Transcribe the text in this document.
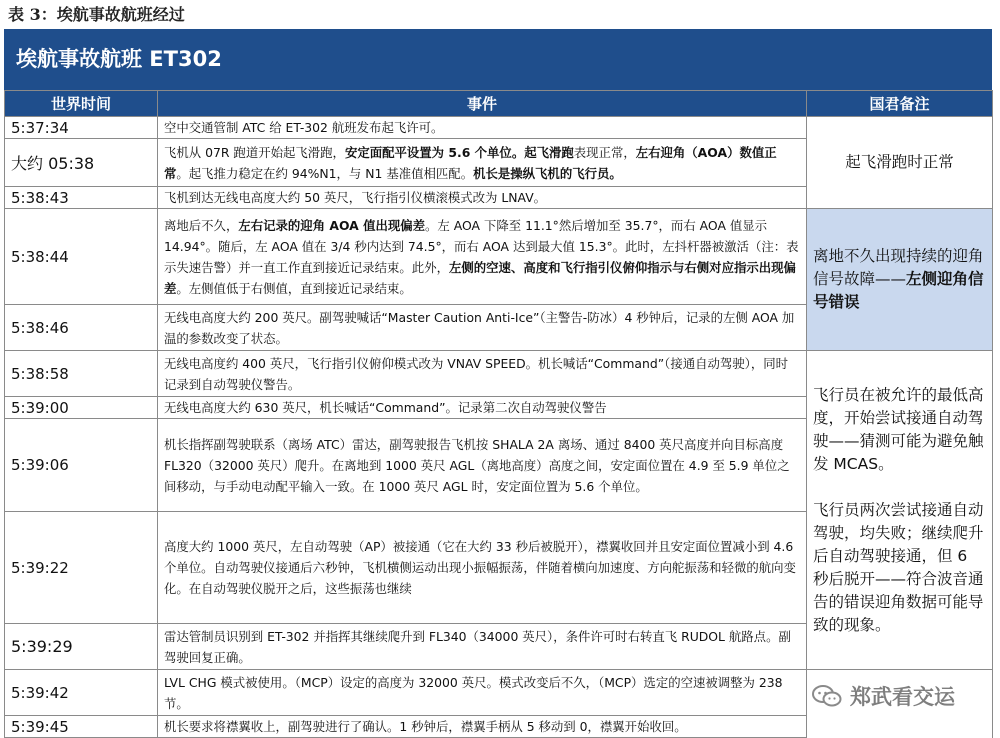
表 3：埃航事故航班经过
埃航事故航班 ET302
世界时间	事件	国君备注	
5:37:34	空中交通管制 ATC 给 ET-302 航班发布起飞许可。	起飞滑跑时正常	
大约 05:38	飞机从 07R 跑道开始起飞滑跑，安定面配平设置为 5.6 个单位。起飞滑跑表现正常，左右迎角（AOA）数值正常。起飞推力稳定在约 94%N1，与 N1 基准值相匹配。机长是操纵飞机的飞行员。		
5:38:43	飞机到达无线电高度大约 50 英尺，飞行指引仪横滚模式改为 LNAV。		
5:38:44	离地后不久，左右记录的迎角 AOA 值出现偏差。左 AOA 下降至 11.1°然后增加至 35.7°，而右 AOA 值显示 14.94°。随后，左 AOA 值在 3/4 秒内达到 74.5°，而右 AOA 达到最大值 15.3°。此时，左抖杆器被激活（注：表示失速告警）并一直工作直到接近记录结束。此外，左侧的空速、高度和飞行指引仪俯仰指示与右侧对应指示出现偏差。左侧值低于右侧值，直到接近记录结束。	离地不久出现持续的迎角信号故障——左侧迎角信号错误	
5:38:46	无线电高度大约 200 英尺。副驾驶喊话“Master Caution Anti-Ice”（主警告-防冰）4 秒钟后，记录的左侧 AOA 加温的参数改变了状态。		
5:38:58	无线电高度约 400 英尺，飞行指引仪俯仰模式改为 VNAV SPEED。机长喊话“Command”（接通自动驾驶），同时记录到自动驾驶仪警告。	飞行员在被允许的最低高度，开始尝试接通自动驾驶——猜测可能为避免触发 MCAS。
飞行员两次尝试接通自动驾驶，均失败；继续爬升后自动驾驶接通，但 6 秒后脱开——符合波音通告的错误迎角数据可能导致的现象。	

5:39:00	无线电高度大约 630 英尺，机长喊话“Command”。记录第二次自动驾驶仪警告		
5:39:06	机长指挥副驾驶联系（离场 ATC）雷达，副驾驶报告飞机按 SHALA 2A 离场、通过 8400 英尺高度并向目标高度 FL320（32000 英尺）爬升。在离地到 1000 英尺 AGL（离地高度）高度之间，安定面位置在 4.9 至 5.9 单位之间移动，与手动电动配平输入一致。在 1000 英尺 AGL 时，安定面位置为 5.6 个单位。		
5:39:22	高度大约 1000 英尺，左自动驾驶（AP）被接通（它在大约 33 秒后被脱开），襟翼收回并且安定面位置减小到 4.6 个单位。自动驾驶仪接通后六秒钟，飞机横侧运动出现小振幅振荡，伴随着横向加速度、方向舵振荡和轻微的航向变化。在自动驾驶仪脱开之后，这些振荡也继续		
5:39:29	雷达管制员识别到 ET-302 并指挥其继续爬升到 FL340（34000 英尺），条件许可时右转直飞 RUDOL 航路点。副驾驶回复正确。		
5:39:42	LVL CHG 模式被使用。（MCP）设定的高度为 32000 英尺。模式改变后不久，（MCP）选定的空速被调整为 238 节。		
5:39:45	机长要求将襟翼收上，副驾驶进行了确认。1 秒钟后，襟翼手柄从 5 移动到 0，襟翼开始收回。		
郑武看交运
